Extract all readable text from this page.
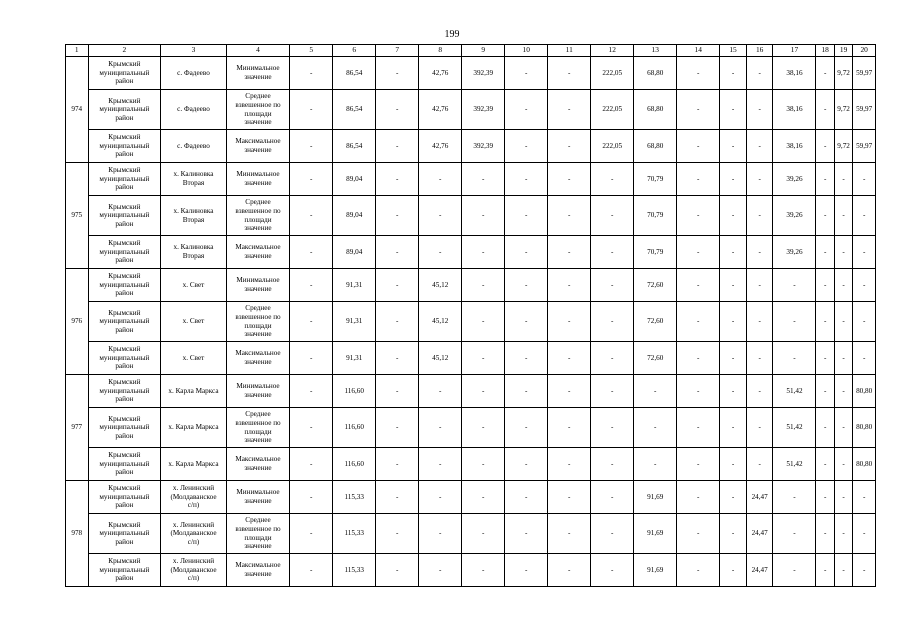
199
1	2	3	4	5	6	7	8	9	10	11	12	13	14	15	16	17	18	19	20
974	Крымский
муниципальный
район	с. Фадеево	Минимальное
значение	-	86,54	-	42,76	392,39	-	-	222,05	68,80	-	-	-	38,16	-	9,72	59,97
	Крымский
муниципальный
район	с. Фадеево	Среднее
взвешенное по
площади
значение	-	86,54	-	42,76	392,39	-	-	222,05	68,80	-	-	-	38,16	-	9,72	59,97
	Крымский
муниципальный
район	с. Фадеево	Максимальное
значение	-	86,54	-	42,76	392,39	-	-	222,05	68,80	-	-	-	38,16	-	9,72	59,97
975	Крымский
муниципальный
район	х. Калиновка
Вторая	Минимальное
значение	-	89,04	-	-	-	-	-	-	70,79	-	-	-	39,26	-	-	-
	Крымский
муниципальный
район	х. Калиновка
Вторая	Среднее
взвешенное по
площади
значение	-	89,04	-	-	-	-	-	-	70,79	-	-	-	39,26	-	-	-
	Крымский
муниципальный
район	х. Калиновка
Вторая	Максимальное
значение	-	89,04	-	-	-	-	-	-	70,79	-	-	-	39,26	-	-	-
976	Крымский
муниципальный
район	х. Свет	Минимальное
значение	-	91,31	-	45,12	-	-	-	-	72,60	-	-	-	-	-	-	-
	Крымский
муниципальный
район	х. Свет	Среднее
взвешенное по
площади
значение	-	91,31	-	45,12	-	-	-	-	72,60	-	-	-	-	-	-	-
	Крымский
муниципальный
район	х. Свет	Максимальное
значение	-	91,31	-	45,12	-	-	-	-	72,60	-	-	-	-	-	-	-
977	Крымский
муниципальный
район	х. Карла Маркса	Минимальное
значение	-	116,60	-	-	-	-	-	-	-	-	-	-	51,42	-	-	80,80
	Крымский
муниципальный
район	х. Карла Маркса	Среднее
взвешенное по
площади
значение	-	116,60	-	-	-	-	-	-	-	-	-	-	51,42	-	-	80,80
	Крымский
муниципальный
район	х. Карла Маркса	Максимальное
значение	-	116,60	-	-	-	-	-	-	-	-	-	-	51,42	-	-	80,80
978	Крымский
муниципальный
район	х. Ленинский
(Молдаванское
с/п)	Минимальное
значение	-	115,33	-	-	-	-	-	-	91,69	-	-	24,47	-	-	-	-
	Крымский
муниципальный
район	х. Ленинский
(Молдаванское
с/п)	Среднее
взвешенное по
площади
значение	-	115,33	-	-	-	-	-	-	91,69	-	-	24,47	-	-	-	-
	Крымский
муниципальный
район	х. Ленинский
(Молдаванское
с/п)	Максимальное
значение	-	115,33	-	-	-	-	-	-	91,69	-	-	24,47	-	-	-	-
